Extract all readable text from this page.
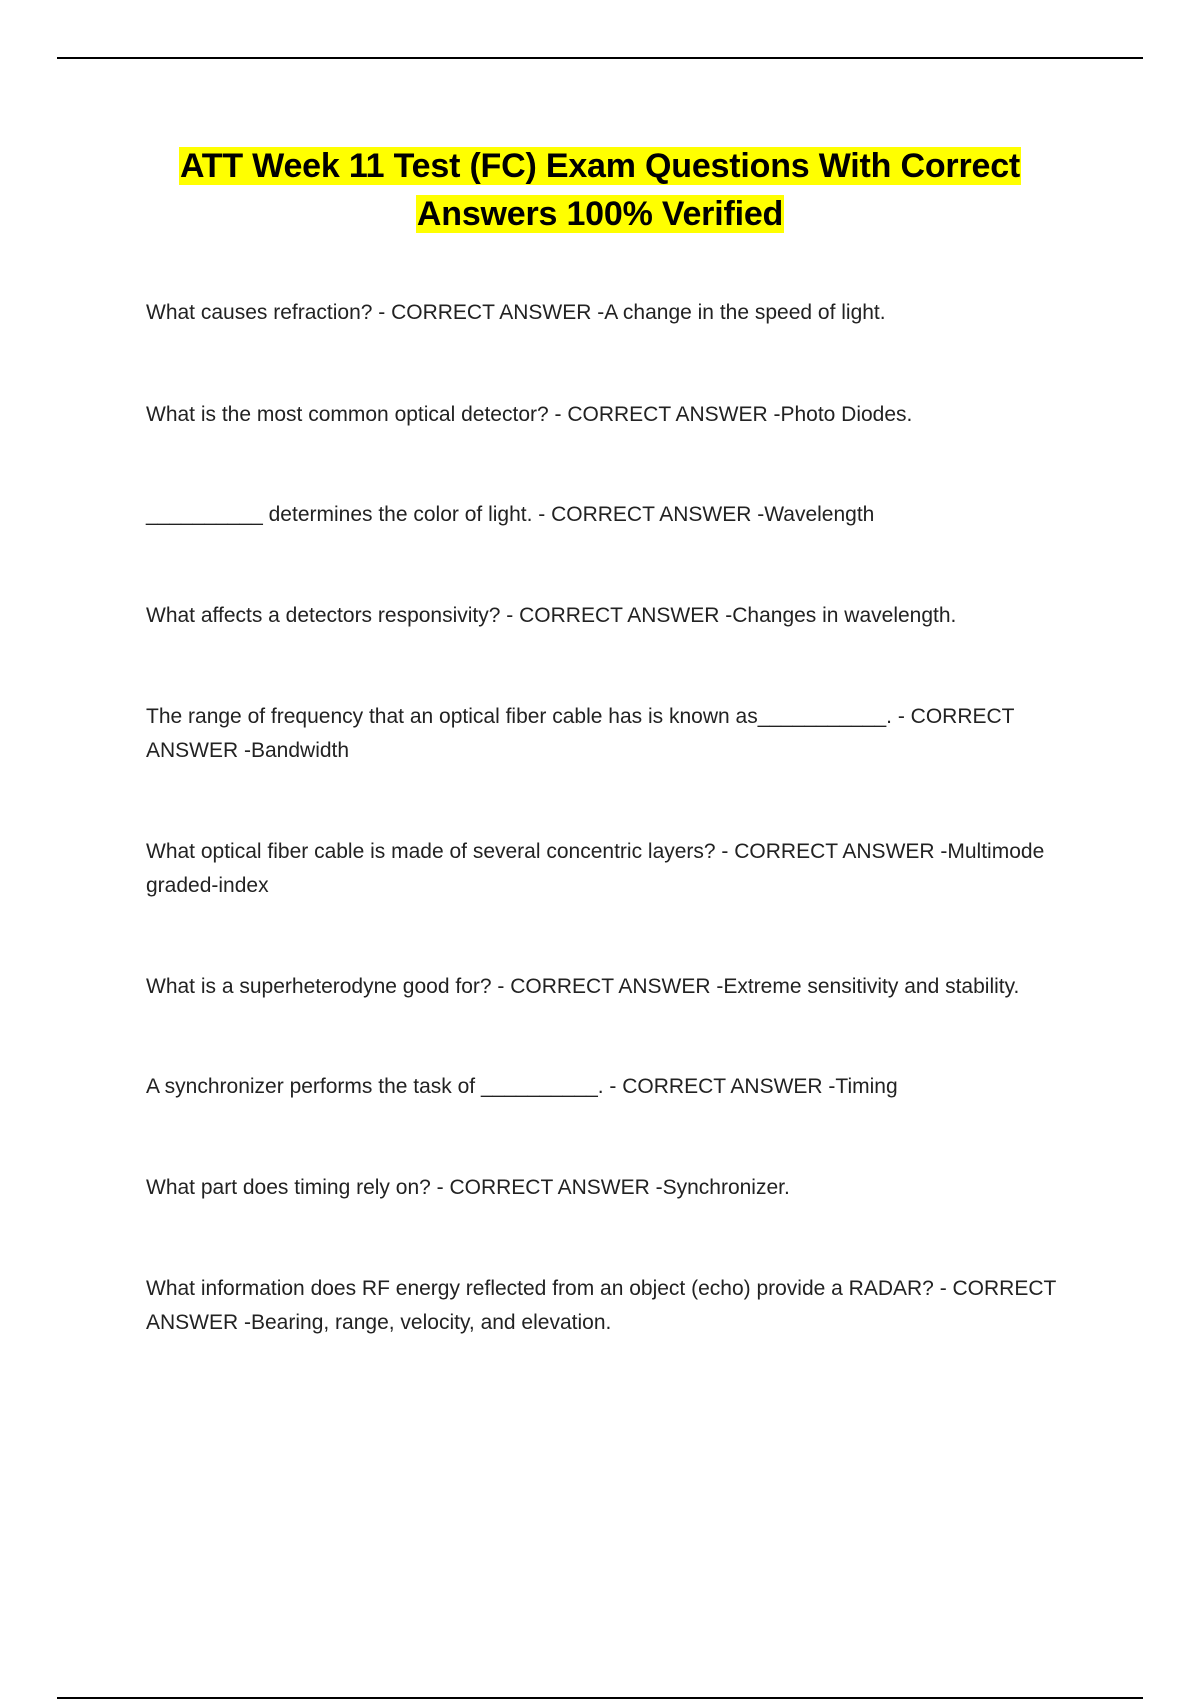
ATT Week 11 Test (FC) Exam Questions With Correct
Answers 100% Verified

What causes refraction? - CORRECT ANSWER -A change in the speed of light.

What is the most common optical detector? - CORRECT ANSWER -Photo Diodes.

__________ determines the color of light. - CORRECT ANSWER -Wavelength

What affects a detectors responsivity? - CORRECT ANSWER -Changes in wavelength.

The range of frequency that an optical fiber cable has is known as___________. - CORRECT ANSWER -Bandwidth

What optical fiber cable is made of several concentric layers? - CORRECT ANSWER -Multimode graded-index

What is a superheterodyne good for? - CORRECT ANSWER -Extreme sensitivity and stability.

A synchronizer performs the task of __________. - CORRECT ANSWER -Timing

What part does timing rely on? - CORRECT ANSWER -Synchronizer.

What information does RF energy reflected from an object (echo) provide a RADAR? - CORRECT ANSWER -Bearing, range, velocity, and elevation.
